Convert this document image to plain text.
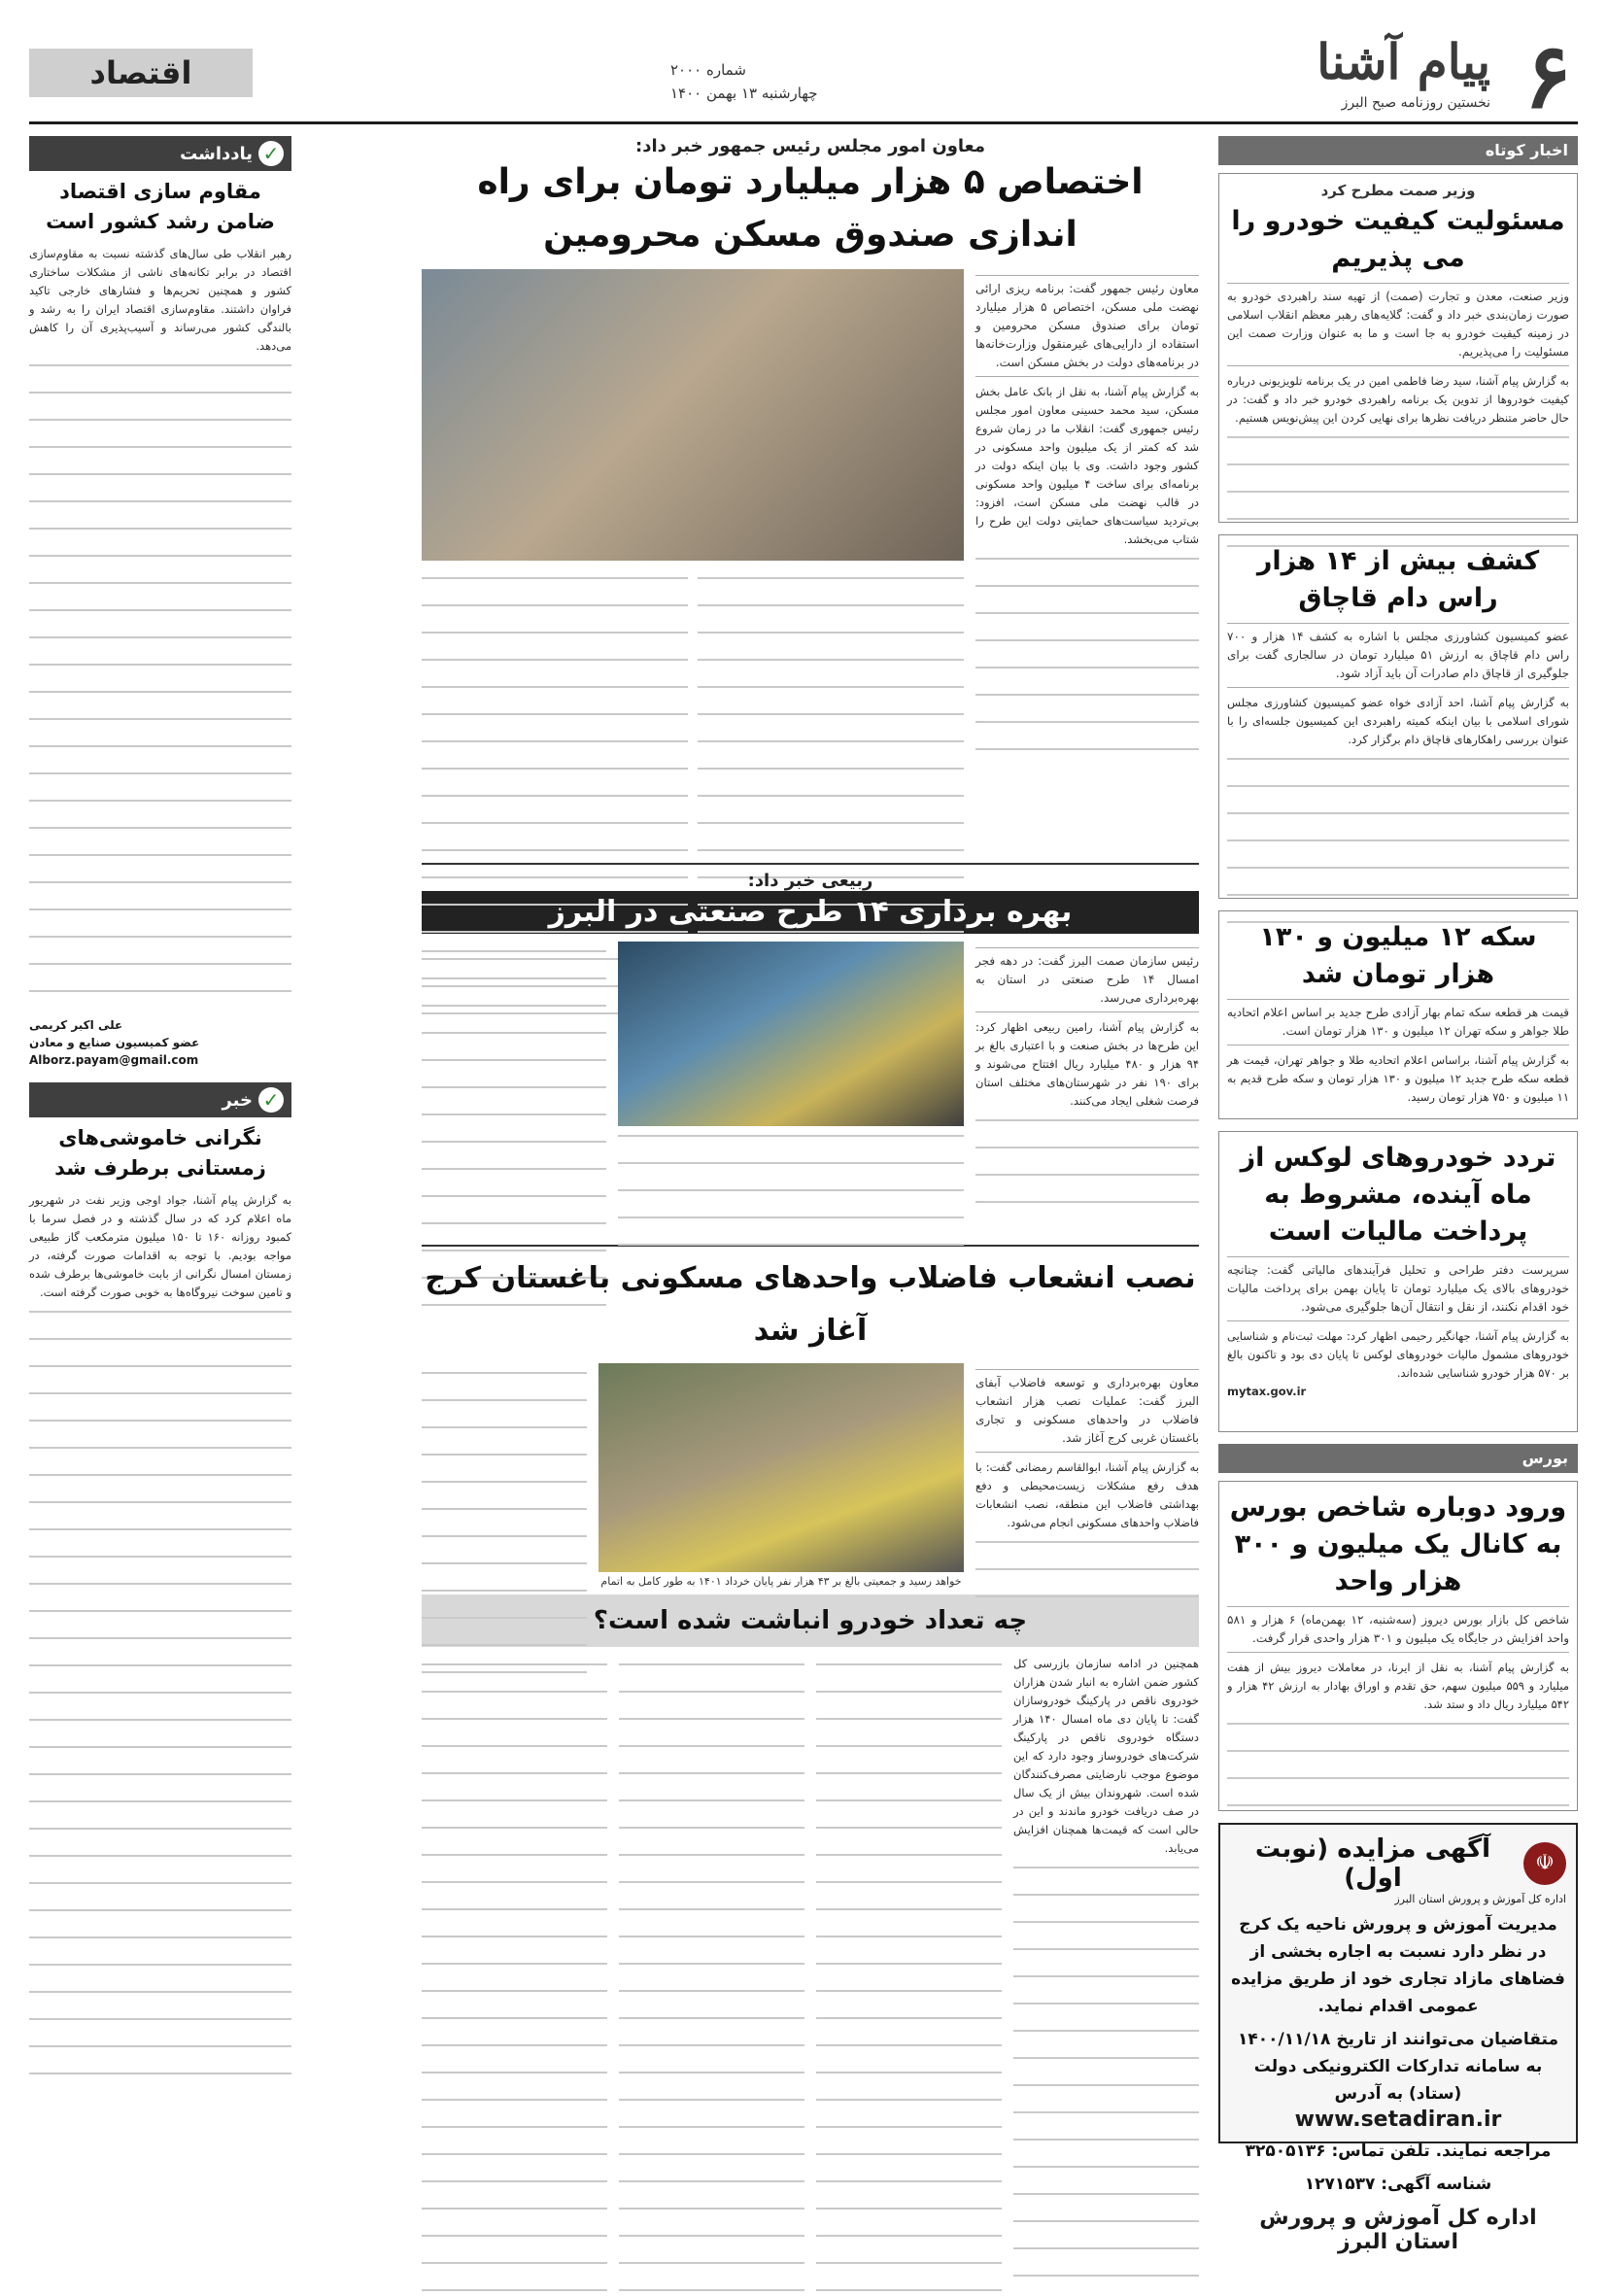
۶
پیام آشنا
نخستین روزنامه صبح البرز
شماره ۲۰۰۰
چهارشنبه ۱۳ بهمن ۱۴۰۰
اقتصاد
اخبار کوتاه
وزیر صمت مطرح کرد
مسئولیت کیفیت خودرو را می پذیریم
وزیر صنعت، معدن و تجارت (صمت) از تهیه سند راهبردی خودرو به صورت زمان‌بندی خبر داد و گفت: گلایه‌های رهبر معظم انقلاب اسلامی در زمینه کیفیت خودرو به جا است و ما به عنوان وزارت صمت این مسئولیت را می‌پذیریم.
به گزارش پیام آشنا، سید رضا فاطمی امین در یک برنامه تلویزیونی درباره کیفیت خودروها از تدوین یک برنامه راهبردی خودرو خبر داد و گفت: در حال حاضر متنظر دریافت نظرها برای نهایی کردن این پیش‌نویس هستیم.
کشف بیش از ۱۴ هزار راس دام قاچاق
عضو کمیسیون کشاورزی مجلس با اشاره به کشف ۱۴ هزار و ۷۰۰ راس دام قاچاق به ارزش ۵۱ میلیارد تومان در سالجاری گفت برای جلوگیری از قاچاق دام صادرات آن باید آزاد شود.
به گزارش پیام آشنا، احد آزادی خواه عضو کمیسیون کشاورزی مجلس شورای اسلامی با بیان اینکه کمیته راهبردی این کمیسیون جلسه‌ای را با عنوان بررسی راهکارهای قاچاق دام برگزار کرد.
سکه ۱۲ میلیون و ۱۳۰ هزار تومان شد
قیمت هر قطعه سکه تمام بهار آزادی طرح جدید بر اساس اعلام اتحادیه طلا جواهر و سکه تهران ۱۲ میلیون و ۱۳۰ هزار تومان است.
به گزارش پیام آشنا، براساس اعلام اتحادیه طلا و جواهر تهران، قیمت هر قطعه سکه طرح جدید ۱۲ میلیون و ۱۳۰ هزار تومان و سکه طرح قدیم به ۱۱ میلیون و ۷۵۰ هزار تومان رسید.
تردد خودروهای لوکس از ماه آینده، مشروط به پرداخت مالیات است
سرپرست دفتر طراحی و تحلیل فرآیندهای مالیاتی گفت: چنانچه خودروهای بالای یک میلیارد تومان تا پایان بهمن برای پرداخت مالیات خود اقدام نکنند، از نقل و انتقال آن‌ها جلوگیری می‌شود.
به گزارش پیام آشنا، جهانگیر رحیمی اظهار کرد: مهلت ثبت‌نام و شناسایی خودروهای مشمول مالیات خودروهای لوکس تا پایان دی بود و تاکنون بالغ بر ۵۷۰ هزار خودرو شناسایی شده‌اند.
mytax.gov.ir
بورس
ورود دوباره شاخص بورس به کانال یک میلیون و ۳۰۰ هزار واحد
شاخص کل بازار بورس دیروز (سه‌شنبه، ۱۲ بهمن‌ماه) ۶ هزار و ۵۸۱ واحد افزایش در جایگاه یک میلیون و ۳۰۱ هزار واحدی قرار گرفت.
به گزارش پیام آشنا، به نقل از ایرنا، در معاملات دیروز بیش از هفت میلیارد و ۵۵۹ میلیون سهم، حق تقدم و اوراق بهادار به ارزش ۴۲ هزار و ۵۴۲ میلیارد ریال داد و ستد شد.
☫
آگهی مزایده (نوبت اول)
اداره کل آموزش و پرورش استان البرز
مدیریت آموزش و پرورش ناحیه یک کرج در نظر دارد نسبت به اجاره بخشی از فضاهای مازاد تجاری خود از طریق مزایده عمومی اقدام نماید.
متقاضیان می‌توانند از تاریخ ۱۴۰۰/۱۱/۱۸ به سامانه تدارکات الکترونیکی دولت (ستاد) به آدرس
www.setadiran.ir
مراجعه نمایند. تلفن تماس: ۳۲۵۰۵۱۳۶
شناسه آگهی: ۱۲۷۱۵۳۷
اداره کل آموزش و پرورش استان البرز
معاون امور مجلس رئیس جمهور خبر داد:
اختصاص ۵ هزار میلیارد تومان برای راه اندازی صندوق مسکن محرومین
معاون رئیس جمهور گفت: برنامه ریزی ارائی نهضت ملی مسکن، اختصاص ۵ هزار میلیارد تومان برای صندوق مسکن محرومین و استفاده از دارایی‌های غیرمنقول وزارت‌خانه‌ها در برنامه‌های دولت در بخش مسکن است.
به گزارش پیام آشنا، به نقل از بانک عامل بخش مسکن، سید محمد حسینی معاون امور مجلس رئیس جمهوری گفت: انقلاب ما در زمان شروع شد که کمتر از یک میلیون واحد مسکونی در کشور وجود داشت. وی با بیان اینکه دولت در برنامه‌ای برای ساخت ۴ میلیون واحد مسکونی در قالب نهضت ملی مسکن است، افزود: بی‌تردید سیاست‌های حمایتی دولت این طرح را شتاب می‌بخشد.
ربیعی خبر داد:
بهره برداری ۱۴ طرح صنعتی در البرز
رئیس سازمان صمت البرز گفت: در دهه فجر امسال ۱۴ طرح صنعتی در استان به بهره‌برداری می‌رسد.
به گزارش پیام آشنا، رامین ربیعی اظهار کرد: این طرح‌ها در بخش صنعت و با اعتباری بالغ بر ۹۴ هزار و ۴۸۰ میلیارد ریال افتتاح می‌شوند و برای ۱۹۰ نفر در شهرستان‌های مختلف استان فرصت شغلی ایجاد می‌کنند.
نصب انشعاب فاضلاب واحدهای مسکونی باغستان کرج آغاز شد
معاون بهره‌برداری و توسعه فاضلاب آبفای البرز گفت: عملیات نصب هزار انشعاب فاضلاب در واحدهای مسکونی و تجاری باغستان غربی کرج آغاز شد.
به گزارش پیام آشنا، ابوالقاسم رمضانی گفت: با هدف رفع مشکلات زیست‌محیطی و دفع بهداشتی فاضلاب این منطقه، نصب انشعابات فاضلاب واحدهای مسکونی انجام می‌شود.
خواهد رسید و جمعیتی بالغ بر ۴۳ هزار نفر پایان خرداد ۱۴۰۱ به طور کامل به اتمام
چه تعداد خودرو انباشت شده است؟
همچنین در ادامه سازمان بازرسی کل کشور ضمن اشاره به انبار شدن هزاران خودروی ناقص در پارکینگ خودروسازان گفت: تا پایان دی ماه امسال ۱۴۰ هزار دستگاه خودروی ناقص در پارکینگ شرکت‌های خودروساز وجود دارد که این موضوع موجب نارضایتی مصرف‌کنندگان شده است. شهروندان بیش از یک سال در صف دریافت خودرو ماندند و این در حالی است که قیمت‌ها همچنان افزایش می‌یابد.
✓
یادداشت
مقاوم سازی اقتصاد ضامن رشد کشور است
رهبر انقلاب طی سال‌های گذشته نسبت به مقاوم‌سازی اقتصاد در برابر تکانه‌های ناشی از مشکلات ساختاری کشور و همچنین تحریم‌ها و فشارهای خارجی تاکید فراوان داشتند. مقاوم‌سازی اقتصاد ایران را به رشد و بالندگی کشور می‌رساند و آسیب‌پذیری آن را کاهش می‌دهد.
علی اکبر کریمی
عضو کمیسیون صنایع و معادن
Alborz.payam@gmail.com
✓
خبر
نگرانی خاموشی‌های زمستانی برطرف شد
به گزارش پیام آشنا، جواد اوجی وزیر نفت در شهریور ماه اعلام کرد که در سال گذشته و در فصل سرما با کمبود روزانه ۱۶۰ تا ۱۵۰ میلیون مترمکعب گاز طبیعی مواجه بودیم. با توجه به اقدامات صورت گرفته، در زمستان امسال نگرانی از بابت خاموشی‌ها برطرف شده و تامین سوخت نیروگاه‌ها به خوبی صورت گرفته است.
